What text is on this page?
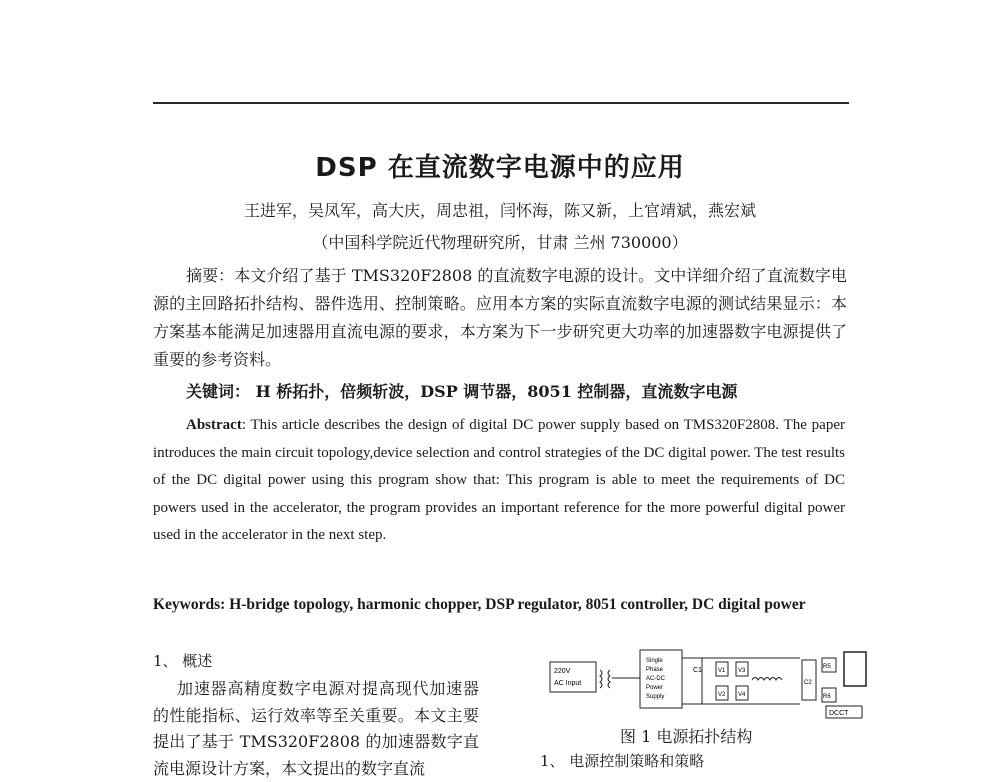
DSP 在直流数字电源中的应用
王进军，吴凤军，高大庆，周忠祖，闫怀海，陈又新，上官靖斌，燕宏斌
（中国科学院近代物理研究所，甘肃 兰州 730000）
摘要：本文介绍了基于 TMS320F2808 的直流数字电源的设计。文中详细介绍了直流数字电源的主回路拓扑结构、器件选用、控制策略。应用本方案的实际直流数字电源的测试结果显示：本方案基本能满足加速器用直流电源的要求，本方案为下一步研究更大功率的加速器数字电源提供了重要的参考资料。
关键词： H 桥拓扑，倍频斩波，DSP 调节器，8051 控制器，直流数字电源
Abstract: This article describes the design of digital DC power supply based on TMS320F2808. The paper introduces the main circuit topology,device selection and control strategies of the DC digital power. The test results of the DC digital power using this program show that: This program is able to meet the requirements of DC powers used in the accelerator, the program provides an important reference for the more powerful digital power used in the accelerator in the next step.
Keywords: H-bridge topology, harmonic chopper, DSP regulator, 8051 controller, DC digital power
1、 概述
加速器高精度数字电源对提高现代加速器的性能指标、运行效率等至关重要。本文主要提出了基于 TMS320F2808 的加速器数字直流电源设计方案，本文提出的数字直流
220V
AC Input
Single
Phase
AC-DC
Power
Supply
C1	V1 V3
V2 V4
C2
R5
R6
DCCT
图 1 电源拓扑结构
1、 电源控制策略和策略
